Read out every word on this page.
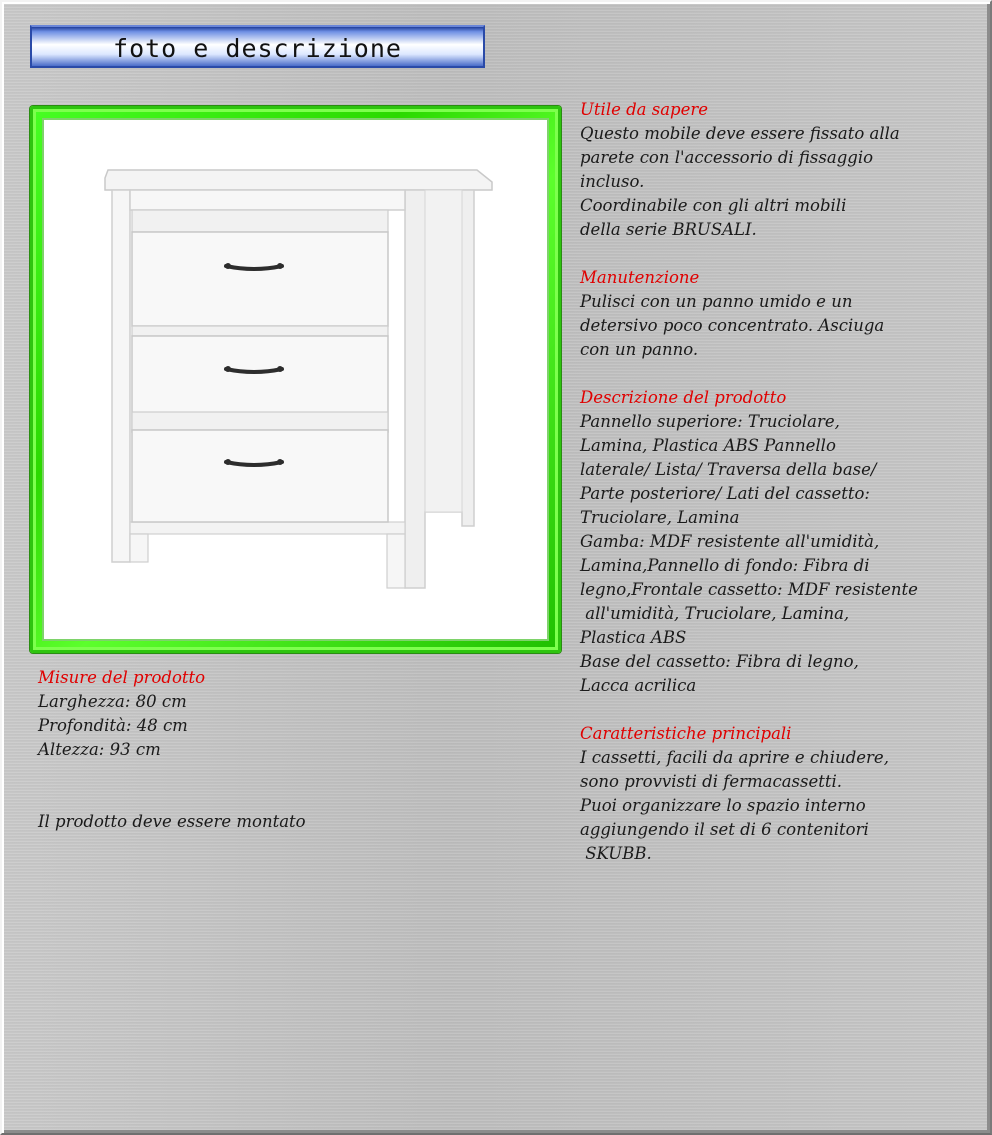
foto e descrizione
Misure del prodotto
Larghezza: 80 cm
Profondità: 48 cm
Altezza: 93 cm
Il prodotto deve essere montato
Utile da sapere
Questo mobile deve essere fissato alla
parete con l'accessorio di fissaggio
incluso.
Coordinabile con gli altri mobili
della serie BRUSALI.
Manutenzione
Pulisci con un panno umido e un
detersivo poco concentrato. Asciuga
con un panno.
Descrizione del prodotto
Pannello superiore: Truciolare,
Lamina, Plastica ABS Pannello
laterale/ Lista/ Traversa della base/
Parte posteriore/ Lati del cassetto:
Truciolare, Lamina
Gamba: MDF resistente all'umidità,
Lamina,Pannello di fondo: Fibra di
legno,Frontale cassetto: MDF resistente
all'umidità, Truciolare, Lamina,
Plastica ABS
Base del cassetto: Fibra di legno,
Lacca acrilica
Caratteristiche principali
I cassetti, facili da aprire e chiudere,
sono provvisti di fermacassetti.
Puoi organizzare lo spazio interno
aggiungendo il set di 6 contenitori
SKUBB.
